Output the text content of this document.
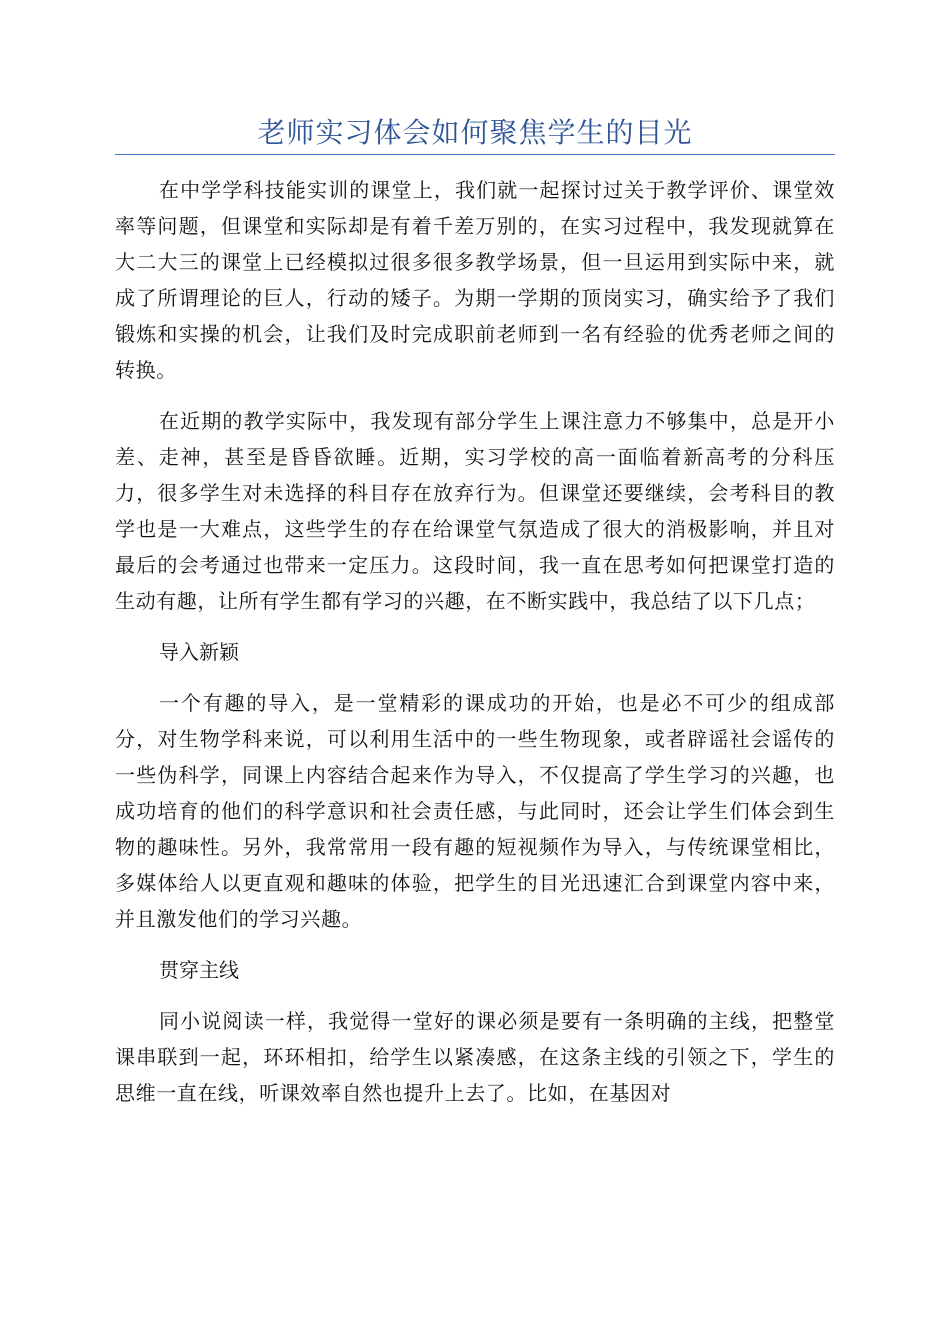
老师实习体会如何聚焦学生的目光

在中学学科技能实训的课堂上，我们就一起探讨过关于教学评价、课堂效率等问题，但课堂和实际却是有着千差万别的，在实习过程中，我发现就算在大二大三的课堂上已经模拟过很多很多教学场景，但一旦运用到实际中来，就成了所谓理论的巨人，行动的矮子。为期一学期的顶岗实习，确实给予了我们锻炼和实操的机会，让我们及时完成职前老师到一名有经验的优秀老师之间的转换。

在近期的教学实际中，我发现有部分学生上课注意力不够集中，总是开小差、走神，甚至是昏昏欲睡。近期，实习学校的高一面临着新高考的分科压力，很多学生对未选择的科目存在放弃行为。但课堂还要继续，会考科目的教学也是一大难点，这些学生的存在给课堂气氛造成了很大的消极影响，并且对最后的会考通过也带来一定压力。这段时间，我一直在思考如何把课堂打造的生动有趣，让所有学生都有学习的兴趣，在不断实践中，我总结了以下几点；

导入新颖

一个有趣的导入，是一堂精彩的课成功的开始，也是必不可少的组成部分，对生物学科来说，可以利用生活中的一些生物现象，或者辟谣社会谣传的一些伪科学，同课上内容结合起来作为导入，不仅提高了学生学习的兴趣，也成功培育的他们的科学意识和社会责任感，与此同时，还会让学生们体会到生物的趣味性。另外，我常常用一段有趣的短视频作为导入，与传统课堂相比，多媒体给人以更直观和趣味的体验，把学生的目光迅速汇合到课堂内容中来，并且激发他们的学习兴趣。

贯穿主线

同小说阅读一样，我觉得一堂好的课必须是要有一条明确的主线，把整堂课串联到一起，环环相扣，给学生以紧凑感，在这条主线的引领之下，学生的思维一直在线，听课效率自然也提升上去了。比如，在基因对
